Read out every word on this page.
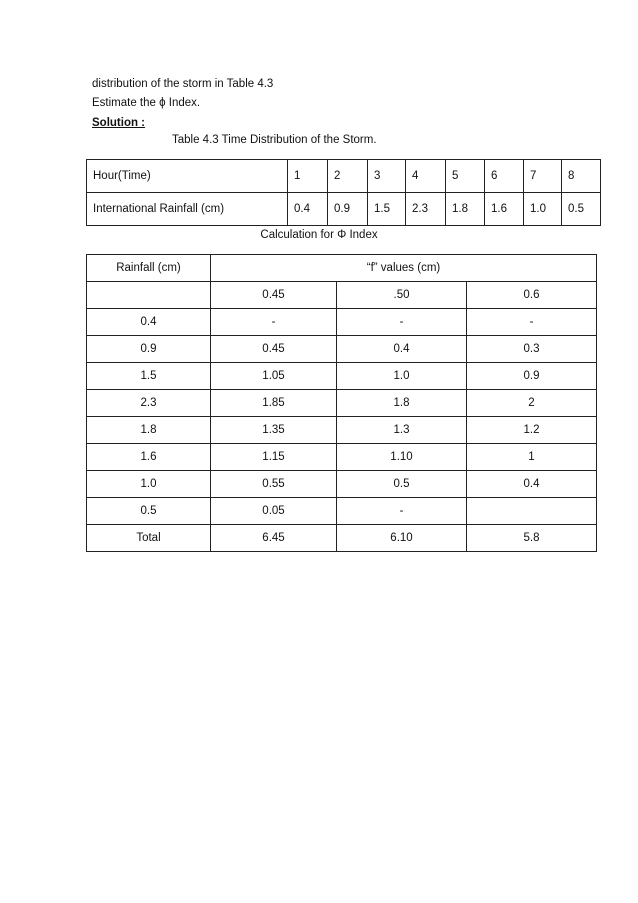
distribution of the storm in Table 4.3
Estimate the ϕ Index.
Solution :
Table 4.3 Time Distribution of the Storm.
Hour(Time)	1	2	3	4	5	6	7	8
International Rainfall (cm)	0.4	0.9	1.5	2.3	1.8	1.6	1.0	0.5
Calculation for Φ Index
Rainfall (cm)	“f” values (cm)		
	0.45	.50	0.6
0.4	-	-	-
0.9	0.45	0.4	0.3
1.5	1.05	1.0	0.9
2.3	1.85	1.8	2
1.8	1.35	1.3	1.2
1.6	1.15	1.10	1
1.0	0.55	0.5	0.4
0.5	0.05	-	
Total	6.45	6.10	5.8
